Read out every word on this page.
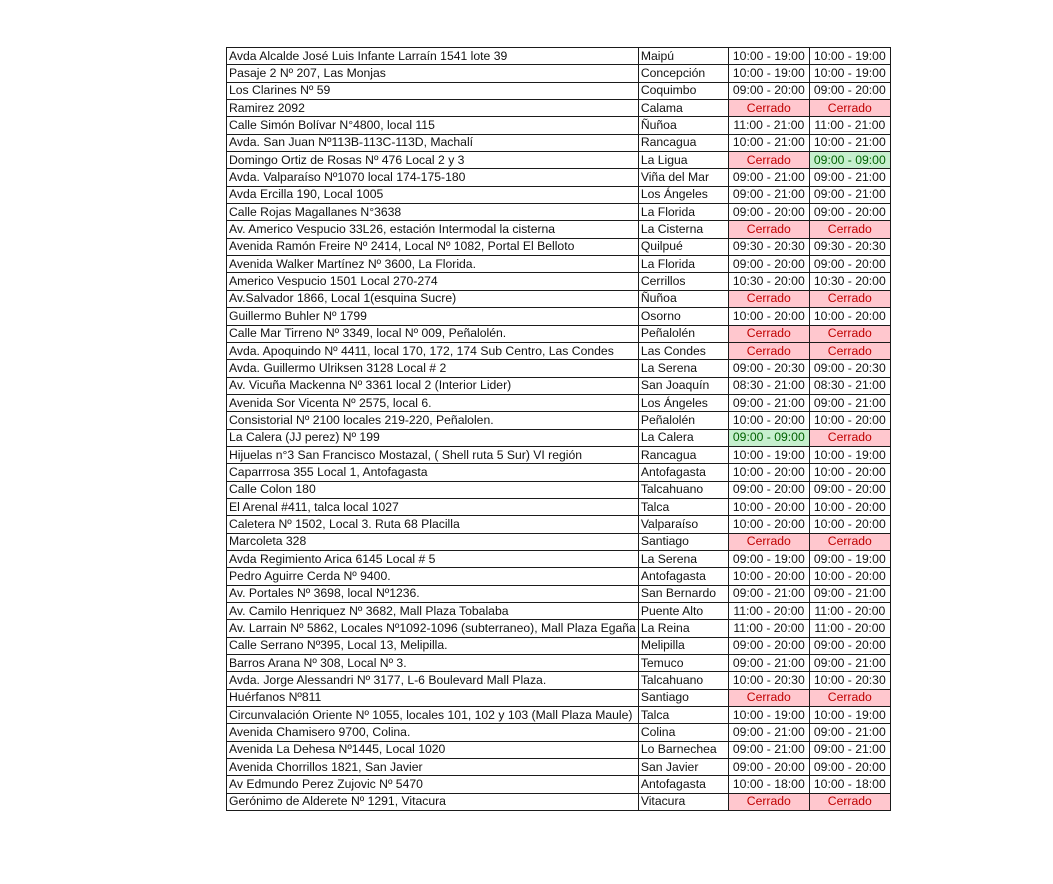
Avda Alcalde José Luis Infante Larraín 1541 lote 39	Maipú	10:00 - 19:00	10:00 - 19:00
Pasaje 2 Nº 207, Las Monjas	Concepción	10:00 - 19:00	10:00 - 19:00
Los Clarines Nº 59	Coquimbo	09:00 - 20:00	09:00 - 20:00
Ramirez 2092	Calama	Cerrado	Cerrado
Calle Simón Bolívar N°4800, local 115	Ñuñoa	11:00 - 21:00	11:00 - 21:00
Avda. San Juan Nº113B-113C-113D, Machalí	Rancagua	10:00 - 21:00	10:00 - 21:00
Domingo Ortiz de Rosas Nº 476 Local 2 y 3	La Ligua	Cerrado	09:00 - 09:00
Avda. Valparaíso Nº1070 local 174-175-180	Viña del Mar	09:00 - 21:00	09:00 - 21:00
Avda Ercilla 190, Local 1005	Los Ángeles	09:00 - 21:00	09:00 - 21:00
Calle Rojas Magallanes N°3638	La Florida	09:00 - 20:00	09:00 - 20:00
Av. Americo Vespucio 33L26, estación Intermodal la cisterna	La Cisterna	Cerrado	Cerrado
Avenida Ramón Freire Nº 2414, Local Nº 1082, Portal El Belloto	Quilpué	09:30 - 20:30	09:30 - 20:30
Avenida Walker Martínez Nº 3600, La Florida.	La Florida	09:00 - 20:00	09:00 - 20:00
Americo Vespucio 1501 Local 270-274	Cerrillos	10:30 - 20:00	10:30 - 20:00
Av.Salvador 1866, Local 1(esquina Sucre)	Ñuñoa	Cerrado	Cerrado
Guillermo Buhler Nº 1799	Osorno	10:00 - 20:00	10:00 - 20:00
Calle Mar Tirreno Nº 3349, local Nº 009, Peñalolén.	Peñalolén	Cerrado	Cerrado
Avda. Apoquindo Nº 4411, local 170, 172, 174 Sub Centro, Las Condes	Las Condes	Cerrado	Cerrado
Avda. Guillermo Ulriksen 3128 Local # 2	La Serena	09:00 - 20:30	09:00 - 20:30
Av. Vicuña Mackenna Nº 3361 local 2 (Interior Lider)	San Joaquín	08:30 - 21:00	08:30 - 21:00
Avenida Sor Vicenta Nº 2575, local 6.	Los Ángeles	09:00 - 21:00	09:00 - 21:00
Consistorial Nº 2100 locales 219-220, Peñalolen.	Peñalolén	10:00 - 20:00	10:00 - 20:00
La Calera (JJ perez) Nº 199	La Calera	09:00 - 09:00	Cerrado
Hijuelas n°3 San Francisco Mostazal, ( Shell ruta 5 Sur) VI región	Rancagua	10:00 - 19:00	10:00 - 19:00
Caparrrosa 355 Local 1, Antofagasta	Antofagasta	10:00 - 20:00	10:00 - 20:00
Calle Colon 180	Talcahuano	09:00 - 20:00	09:00 - 20:00
El Arenal #411, talca local 1027	Talca	10:00 - 20:00	10:00 - 20:00
Caletera Nº 1502, Local 3. Ruta 68 Placilla	Valparaíso	10:00 - 20:00	10:00 - 20:00
Marcoleta 328	Santiago	Cerrado	Cerrado
Avda Regimiento Arica 6145 Local # 5	La Serena	09:00 - 19:00	09:00 - 19:00
Pedro Aguirre Cerda Nº 9400.	Antofagasta	10:00 - 20:00	10:00 - 20:00
Av. Portales Nº 3698, local Nº1236.	San Bernardo	09:00 - 21:00	09:00 - 21:00
Av. Camilo Henriquez Nº 3682, Mall Plaza Tobalaba	Puente Alto	11:00 - 20:00	11:00 - 20:00
Av. Larrain Nº 5862, Locales Nº1092-1096 (subterraneo), Mall Plaza Egaña	La Reina	11:00 - 20:00	11:00 - 20:00
Calle Serrano Nº395, Local 13, Melipilla.	Melipilla	09:00 - 20:00	09:00 - 20:00
Barros Arana Nº 308, Local Nº 3.	Temuco	09:00 - 21:00	09:00 - 21:00
Avda. Jorge Alessandri Nº 3177, L-6 Boulevard Mall Plaza.	Talcahuano	10:00 - 20:30	10:00 - 20:30
Huérfanos Nº811	Santiago	Cerrado	Cerrado
Circunvalación Oriente Nº 1055, locales 101, 102 y 103 (Mall Plaza Maule)	Talca	10:00 - 19:00	10:00 - 19:00
Avenida Chamisero 9700, Colina.	Colina	09:00 - 21:00	09:00 - 21:00
Avenida La Dehesa Nº1445, Local 1020	Lo Barnechea	09:00 - 21:00	09:00 - 21:00
Avenida Chorrillos 1821, San Javier	San Javier	09:00 - 20:00	09:00 - 20:00
Av Edmundo Perez Zujovic Nº 5470	Antofagasta	10:00 - 18:00	10:00 - 18:00
Gerónimo de Alderete Nº 1291, Vitacura	Vitacura	Cerrado	Cerrado
